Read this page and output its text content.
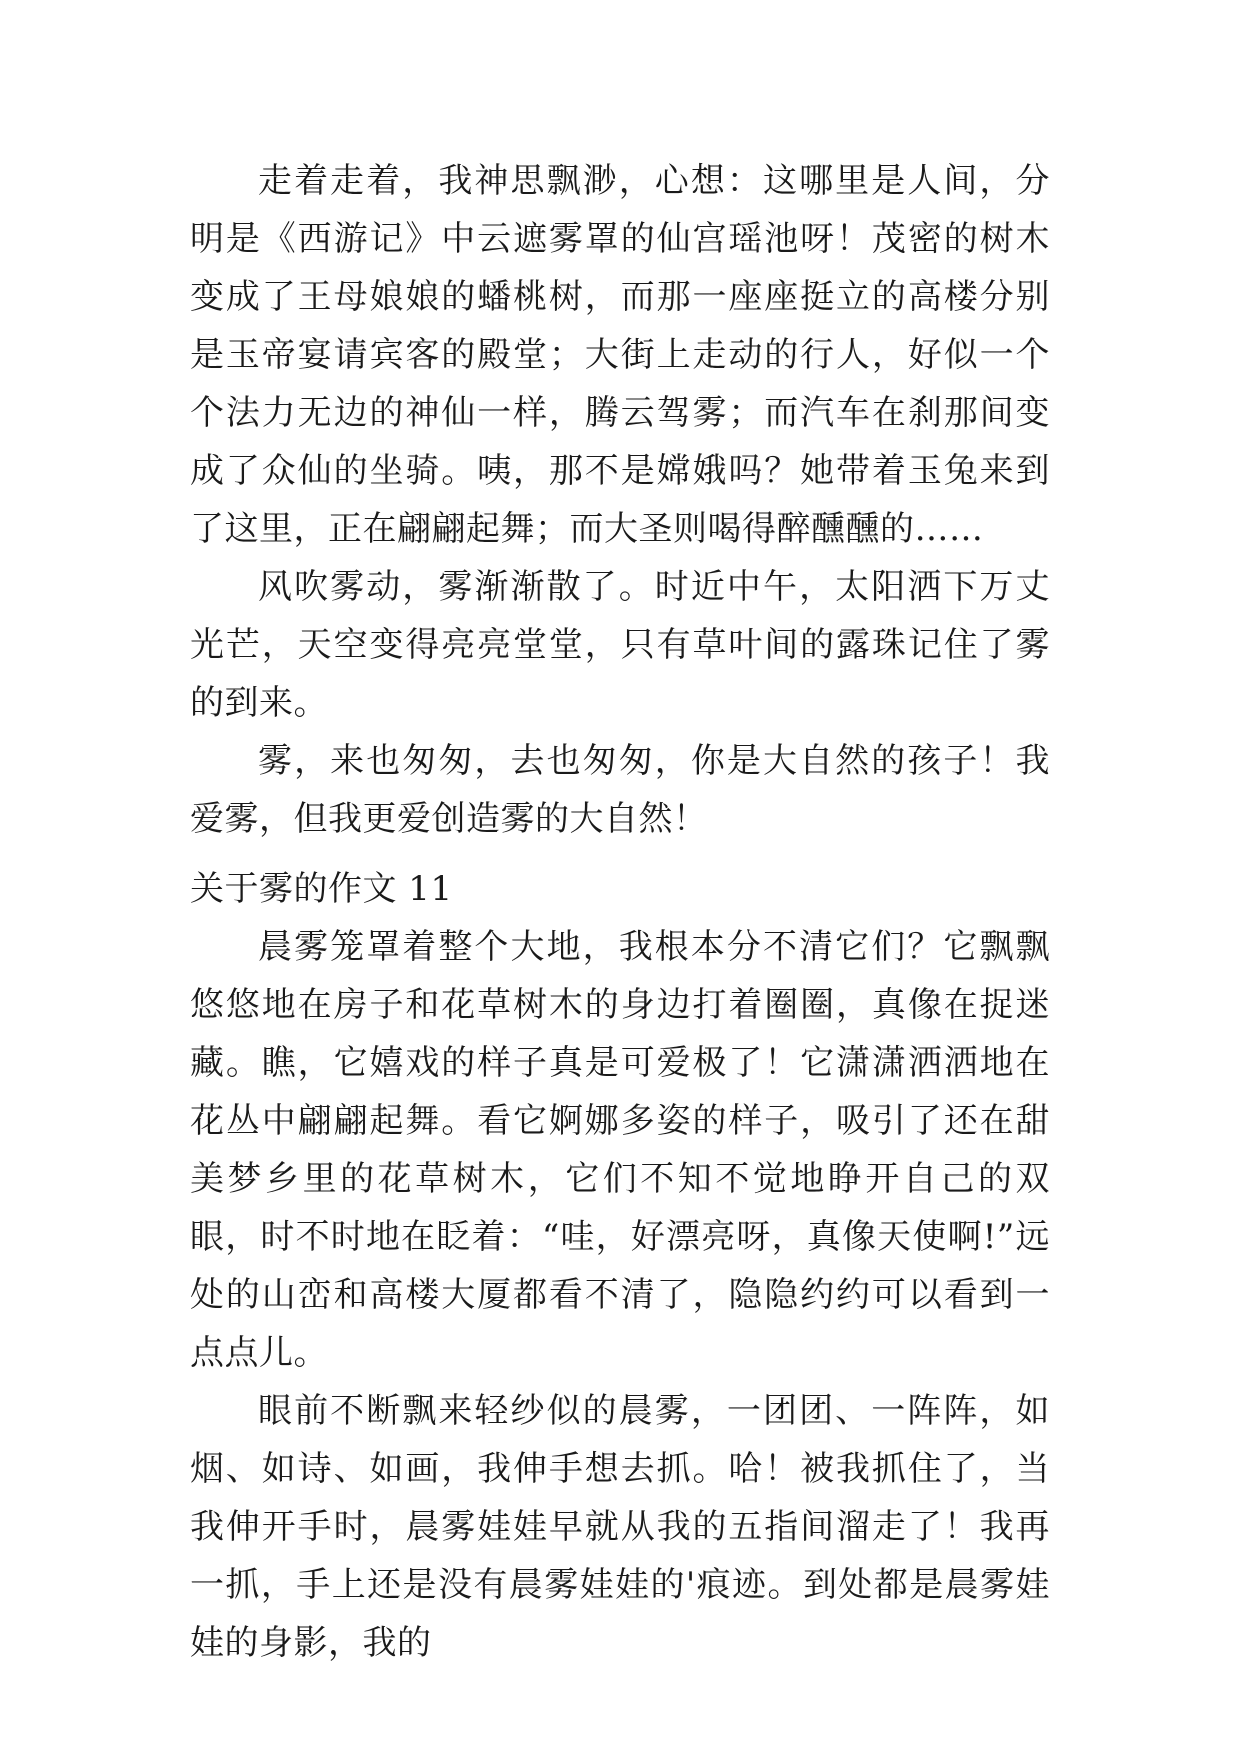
走着走着，我神思飘渺，心想：这哪里是人间，分明是《西游记》中云遮雾罩的仙宫瑶池呀！茂密的树木变成了王母娘娘的蟠桃树，而那一座座挺立的高楼分别是玉帝宴请宾客的殿堂；大街上走动的行人，好似一个个法力无边的神仙一样，腾云驾雾；而汽车在刹那间变成了众仙的坐骑。咦，那不是嫦娥吗？她带着玉兔来到了这里，正在翩翩起舞；而大圣则喝得醉醺醺的……

风吹雾动，雾渐渐散了。时近中午，太阳洒下万丈光芒，天空变得亮亮堂堂，只有草叶间的露珠记住了雾的到来。

雾，来也匆匆，去也匆匆，你是大自然的孩子！我爱雾，但我更爱创造雾的大自然！

关于雾的作文 11

晨雾笼罩着整个大地，我根本分不清它们？它飘飘悠悠地在房子和花草树木的身边打着圈圈，真像在捉迷藏。瞧，它嬉戏的样子真是可爱极了！它潇潇洒洒地在花丛中翩翩起舞。看它婀娜多姿的样子，吸引了还在甜美梦乡里的花草树木，它们不知不觉地睁开自己的双眼，时不时地在眨着：“哇，好漂亮呀，真像天使啊!”远处的山峦和高楼大厦都看不清了，隐隐约约可以看到一点点儿。

眼前不断飘来轻纱似的晨雾，一团团、一阵阵，如烟、如诗、如画，我伸手想去抓。哈！被我抓住了，当我伸开手时，晨雾娃娃早就从我的五指间溜走了！我再一抓，手上还是没有晨雾娃娃的'痕迹。到处都是晨雾娃娃的身影，我的
